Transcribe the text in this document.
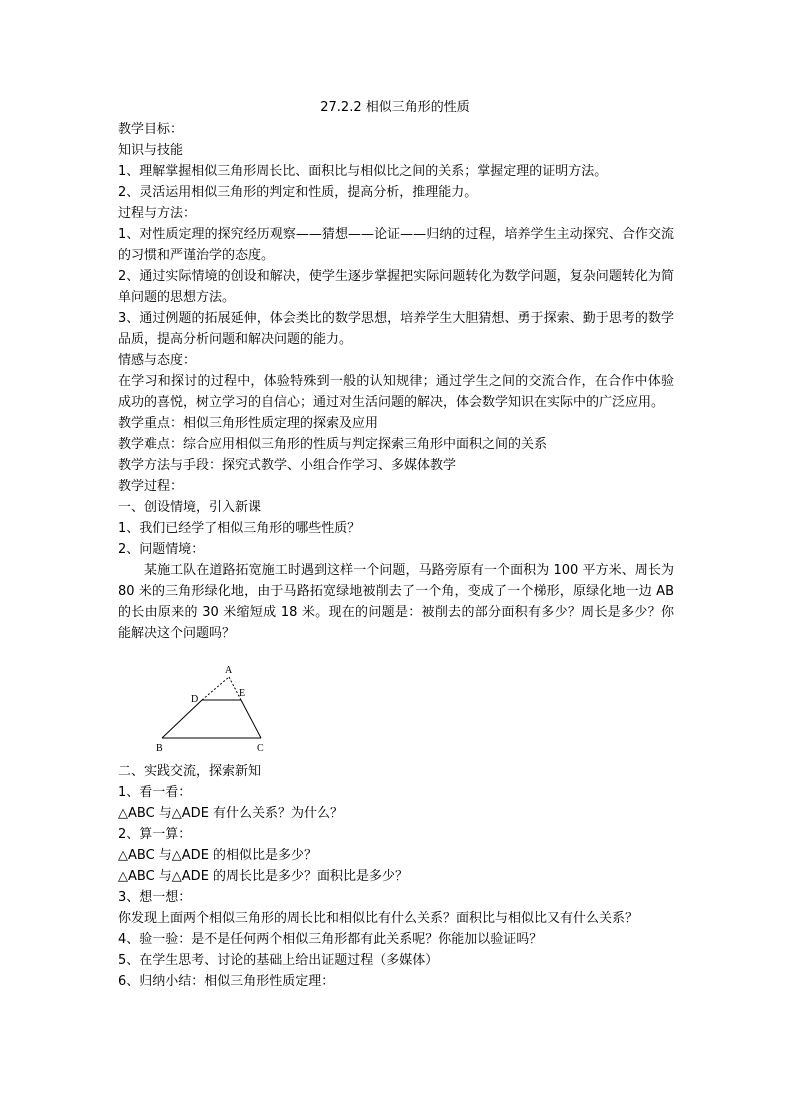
27.2.2 相似三角形的性质

教学目标：

知识与技能

1、理解掌握相似三角形周长比、面积比与相似比之间的关系；掌握定理的证明方法。

2、灵活运用相似三角形的判定和性质，提高分析，推理能力。

过程与方法：

1、对性质定理的探究经历观察——猜想——论证——归纳的过程，培养学生主动探究、合作交流的习惯和严谨治学的态度。

2、通过实际情境的创设和解决，使学生逐步掌握把实际问题转化为数学问题，复杂问题转化为简单问题的思想方法。

3、通过例题的拓展延伸，体会类比的数学思想，培养学生大胆猜想、勇于探索、勤于思考的数学品质，提高分析问题和解决问题的能力。

情感与态度：

在学习和探讨的过程中，体验特殊到一般的认知规律；通过学生之间的交流合作，在合作中体验成功的喜悦，树立学习的自信心；通过对生活问题的解决，体会数学知识在实际中的广泛应用。

教学重点：相似三角形性质定理的探索及应用

教学难点：综合应用相似三角形的性质与判定探索三角形中面积之间的关系

教学方法与手段：探究式教学、小组合作学习、多媒体教学

教学过程：

一、创设情境，引入新课

1、我们已经学了相似三角形的哪些性质？

2、问题情境：

某施工队在道路拓宽施工时遇到这样一个问题，马路旁原有一个面积为 100 平方米、周长为 80 米的三角形绿化地，由于马路拓宽绿地被削去了一个角，变成了一个梯形，原绿化地一边 AB 的长由原来的 30 米缩短成 18 米。现在的问题是：被削去的部分面积有多少？周长是多少？你能解决这个问题吗？

A
B	C
D
E

二、实践交流，探索新知

1、看一看：

△ABC 与△ADE 有什么关系？为什么？

2、算一算：

△ABC 与△ADE 的相似比是多少？

△ABC 与△ADE 的周长比是多少？面积比是多少？

3、想一想：

你发现上面两个相似三角形的周长比和相似比有什么关系？面积比与相似比又有什么关系？

4、验一验：是不是任何两个相似三角形都有此关系呢？你能加以验证吗？

5、在学生思考、讨论的基础上给出证题过程（多媒体）

6、归纳小结：相似三角形性质定理：
